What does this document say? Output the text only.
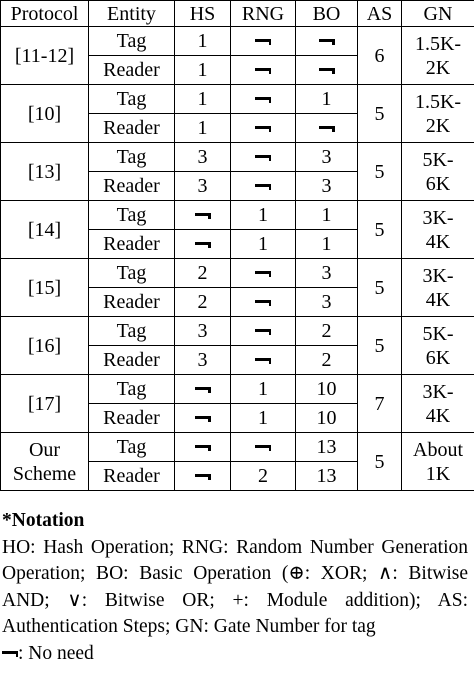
Protocol	Entity	HS	RNG	BO	AS	GN
[11-12]	Tag	1			6	1.5K-
2K
	Reader	1				
[10]	Tag	1		1	5	1.5K-
2K
	Reader	1				
[13]	Tag	3		3	5	5K-
6K
	Reader	3		3		
[14]	Tag		1	1	5	3K-
4K
	Reader		1	1		
[15]	Tag	2		3	5	3K-
4K
	Reader	2		3		
[16]	Tag	3		2	5	5K-
6K
	Reader	3		2		
[17]	Tag		1	10	7	3K-
4K
	Reader		1	10		
Our
Scheme	Tag			13	5	About
1K
	Reader		2	13		
*Notation
HO: Hash Operation; RNG: Random Number Generation Operation; BO: Basic Operation (⊕: XOR; ∧: Bitwise AND; ∨: Bitwise OR; +: Module addition); AS: Authentication Steps; GN: Gate Number for tag
: No need
